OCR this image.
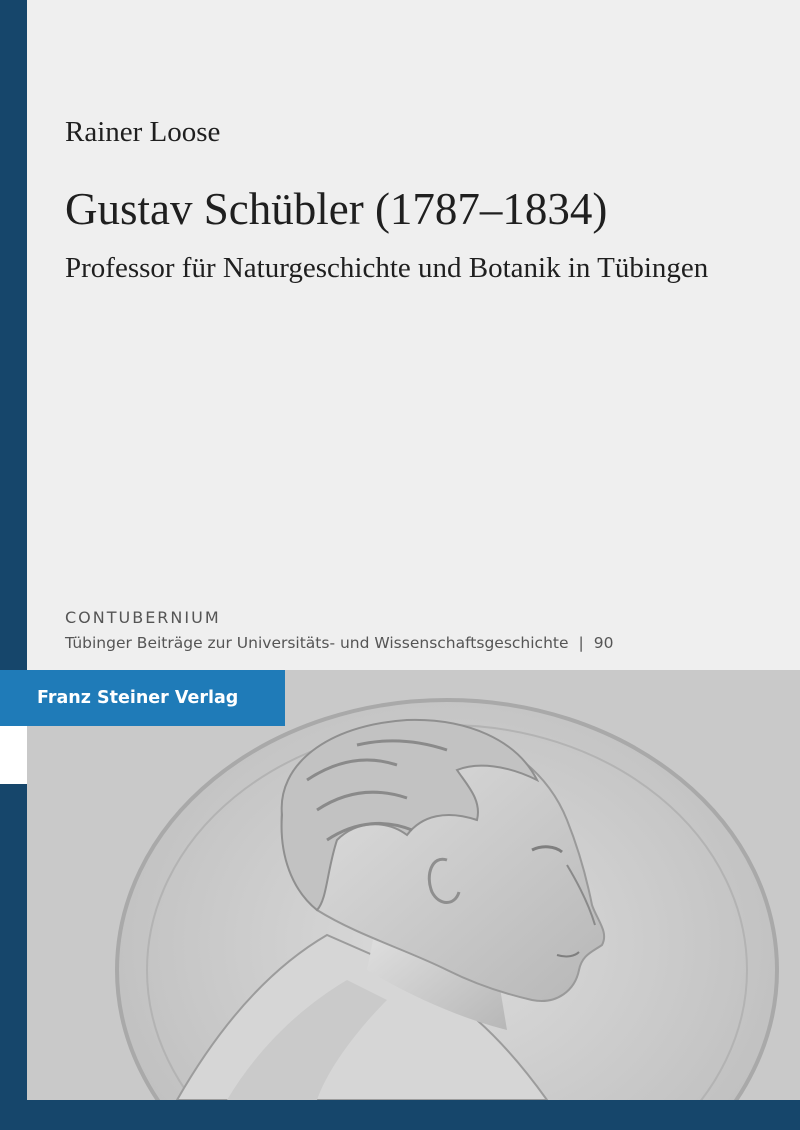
Rainer Loose
Gustav Schübler (1787–1834)
Professor für Naturgeschichte und Botanik in Tübingen
CONTUBERNIUM
Tübinger Beiträge zur Universitäts- und Wissenschaftsgeschichte | 90
Franz Steiner Verlag
